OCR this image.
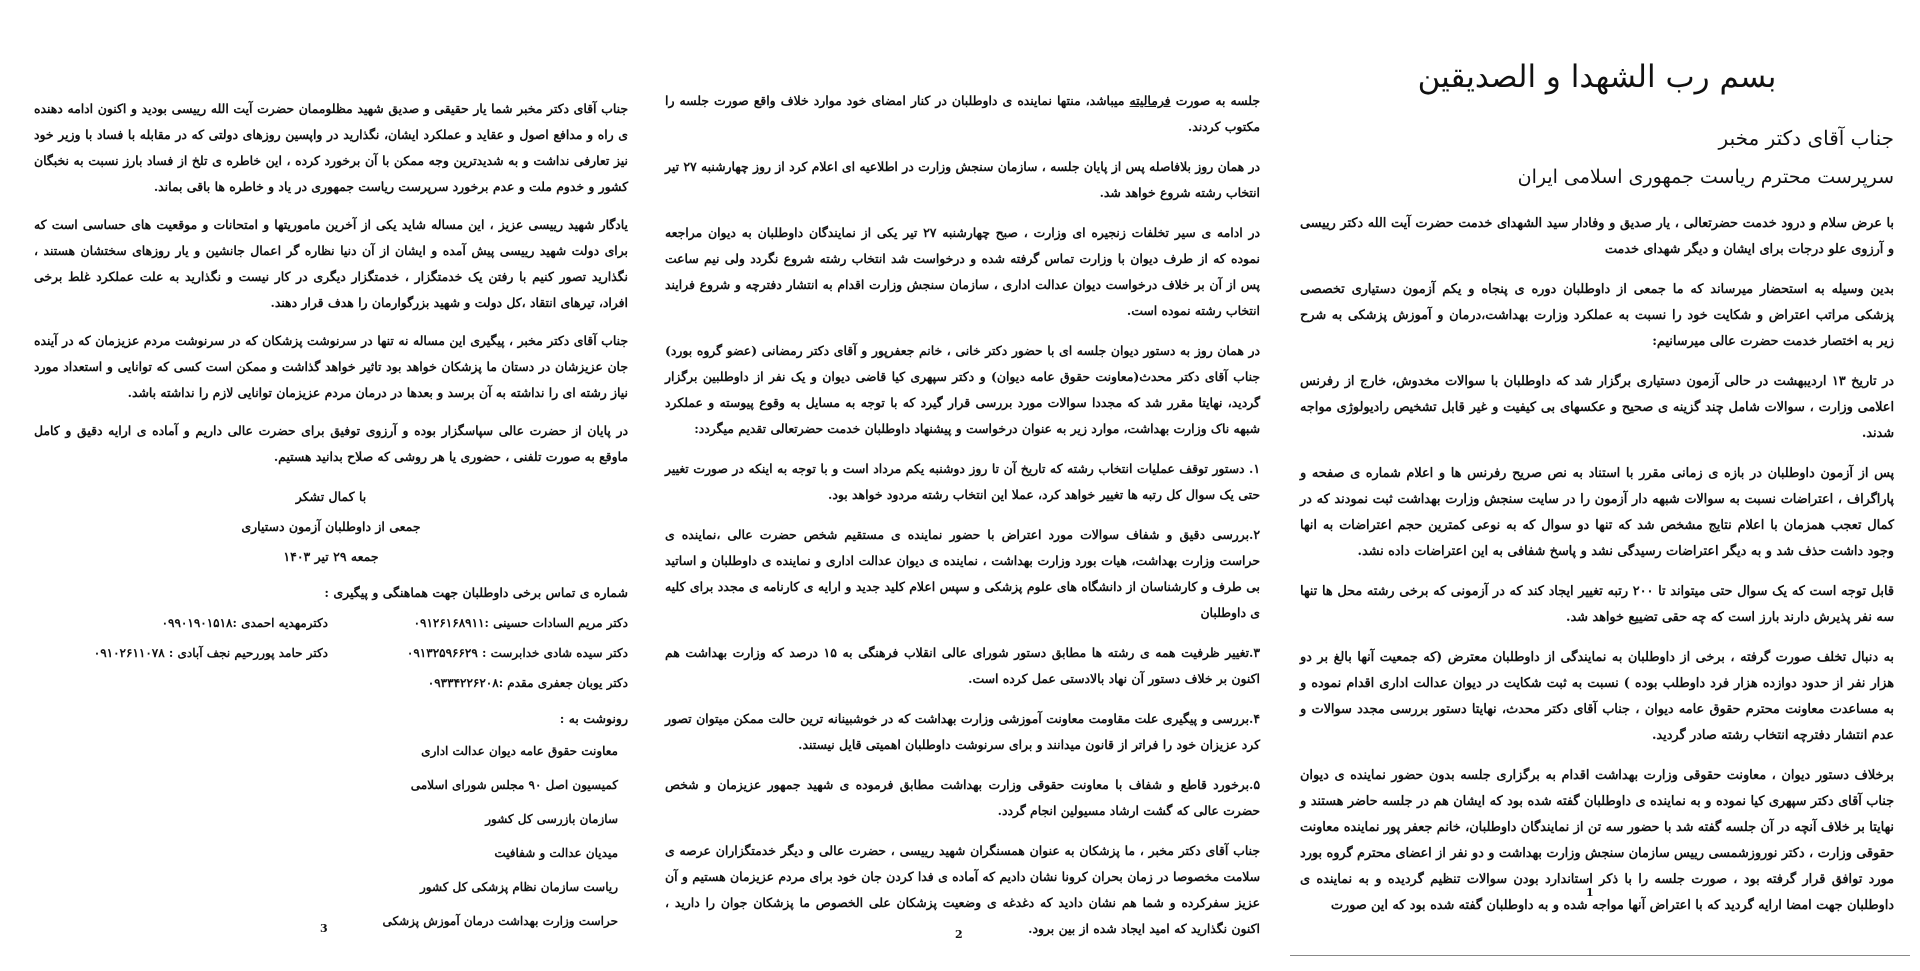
بسم رب الشهدا و الصدیقین

جناب آقای دکتر مخبر

سرپرست محترم ریاست جمهوری اسلامی ایران

با عرض سلام و درود خدمت حضرتعالی ، یار صدیق و وفادار سید الشهدای خدمت حضرت آیت الله دکتر رییسی و آرزوی علو درجات برای ایشان و دیگر شهدای خدمت

بدین وسیله به استحضار میرساند که ما جمعی از داوطلبان دوره ی پنجاه و یکم آزمون دستیاری تخصصی پزشکی مراتب اعتراض و شکایت خود را نسبت به عملکرد وزارت بهداشت،درمان و آموزش پزشکی به شرح زیر به اختصار خدمت حضرت عالی میرسانیم:

در تاریخ ۱۳ اردیبهشت در حالی آزمون دستیاری برگزار شد که داوطلبان با سوالات مخدوش، خارج از رفرنس اعلامی وزارت ، سوالات شامل چند گزینه ی صحیح و عکسهای بی کیفیت و غیر قابل تشخیص رادیولوژی مواجه شدند.

پس از آزمون داوطلبان در بازه ی زمانی مقرر با استناد به نص صریح رفرنس ها و اعلام شماره ی صفحه و پاراگراف ، اعتراضات نسبت به سوالات شبهه دار آزمون را در سایت سنجش وزارت بهداشت ثبت نمودند که در کمال تعجب همزمان با اعلام نتایج مشخص شد که تنها دو سوال که به نوعی کمترین حجم اعتراضات به انها وجود داشت حذف شد و به دیگر اعتراضات رسیدگی نشد و پاسخ شفافی به این اعتراضات داده نشد.

قابل توجه است که یک سوال حتی میتواند تا ۲۰۰ رتبه تغییر ایجاد کند که در آزمونی که برخی رشته محل ها تنها سه نفر پذیرش دارند بارز است که چه حقی تضییع خواهد شد.

به دنبال تخلف صورت گرفته ، برخی از داوطلبان به نمایندگی از داوطلبان معترض (که جمعیت آنها بالغ بر دو هزار نفر از حدود دوازده هزار فرد داوطلب بوده ) نسبت به ثبت شکایت در دیوان عدالت اداری اقدام نموده و به مساعدت معاونت محترم حقوق عامه دیوان ، جناب آقای دکتر محدث، نهایتا دستور بررسی مجدد سوالات و عدم انتشار دفترچه انتخاب رشته صادر گردید.

برخلاف دستور دیوان ، معاونت حقوقی وزارت بهداشت اقدام به برگزاری جلسه بدون حضور نماینده ی دیوان جناب آقای دکتر سپهری کیا نموده و به نماینده ی داوطلبان گفته شده بود که ایشان هم در جلسه حاضر هستند و نهایتا بر خلاف آنچه در آن جلسه گفته شد با حضور سه تن از نمایندگان داوطلبان، خانم جعفر پور نماینده معاونت حقوقی وزارت ، دکتر نوروزشمسی رییس سازمان سنجش وزارت بهداشت و دو نفر از اعضای محترم گروه بورد مورد توافق قرار گرفته بود ، صورت جلسه را با ذکر استاندارد بودن سوالات تنظیم گردیده و به نماینده ی داوطلبان جهت امضا ارایه گردید که با اعتراض آنها مواجه شده و به داوطلبان گفته شده بود که این صورت

1

جلسه به صورت فرمالیته میباشد، منتها نماینده ی داوطلبان در کنار امضای خود موارد خلاف واقع صورت جلسه را مکتوب کردند.

در همان روز بلافاصله پس از پایان جلسه ، سازمان سنجش وزارت در اطلاعیه ای اعلام کرد از روز چهارشنبه ۲۷ تیر انتخاب رشته شروع خواهد شد.

در ادامه ی سیر تخلفات زنجیره ای وزارت ، صبح چهارشنبه ۲۷ تیر یکی از نمایندگان داوطلبان به دیوان مراجعه نموده که از طرف دیوان با وزارت تماس گرفته شده و درخواست شد انتخاب رشته شروع نگردد ولی نیم ساعت پس از آن بر خلاف درخواست دیوان عدالت اداری ، سازمان سنجش وزارت اقدام به انتشار دفترچه و شروع فرایند انتخاب رشته نموده است.

در همان روز به دستور دیوان جلسه ای با حضور دکتر خانی ، خانم جعفرپور و آقای دکتر رمضانی (عضو گروه بورد) جناب آقای دکتر محدث(معاونت حقوق عامه دیوان) و دکتر سپهری کیا قاضی دیوان و یک نفر از داوطلبین برگزار گردید، نهایتا مقرر شد که مجددا سوالات مورد بررسی قرار گیرد که با توجه به مسایل به وقوع پیوسته و عملکرد شبهه ناک وزارت بهداشت، موارد زیر به عنوان درخواست و پیشنهاد داوطلبان خدمت حضرتعالی تقدیم میگردد:

۱. دستور توقف عملیات انتخاب رشته که تاریخ آن تا روز دوشنبه یکم مرداد است و با توجه به اینکه در صورت تغییر حتی یک سوال کل رتبه ها تغییر خواهد کرد، عملا این انتخاب رشته مردود خواهد بود.

۲.بررسی دقیق و شفاف سوالات مورد اعتراض با حضور نماینده ی مستقیم شخص حضرت عالی ،نماینده ی حراست وزارت بهداشت، هیات بورد وزارت بهداشت ، نماینده ی دیوان عدالت اداری و نماینده ی داوطلبان و اساتید بی طرف و کارشناسان از دانشگاه های علوم پزشکی و سپس اعلام کلید جدید و ارایه ی کارنامه ی مجدد برای کلیه ی داوطلبان

۳.تغییر ظرفیت همه ی رشته ها مطابق دستور شورای عالی انقلاب فرهنگی به ۱۵ درصد که وزارت بهداشت هم اکنون بر خلاف دستور آن نهاد بالادستی عمل کرده است.

۴.بررسی و پیگیری علت مقاومت معاونت آموزشی وزارت بهداشت که در خوشبینانه ترین حالت ممکن میتوان تصور کرد عزیزان خود را فراتر از قانون میدانند و برای سرنوشت داوطلبان اهمیتی قایل نیستند.

۵.برخورد قاطع و شفاف با معاونت حقوقی وزارت بهداشت مطابق فرموده ی شهید جمهور عزیزمان و شخص حضرت عالی که گشت ارشاد مسیولین انجام گردد.

جناب آقای دکتر مخبر ، ما پزشکان به عنوان همسنگران شهید رییسی ، حضرت عالی و دیگر خدمتگزاران عرصه ی سلامت مخصوصا در زمان بحران کرونا نشان دادیم که آماده ی فدا کردن جان خود برای مردم عزیزمان هستیم و آن عزیز سفرکرده و شما هم نشان دادید که دغدغه ی وضعیت پزشکان علی الخصوص ما پزشکان جوان را دارید ، اکنون نگذارید که امید ایجاد شده از بین برود.

2

جناب آقای دکتر مخبر شما یار حقیقی و صدیق شهید مظلوممان حضرت آیت الله رییسی بودید و اکنون ادامه دهنده ی راه و مدافع اصول و عقاید و عملکرد ایشان، نگذارید در واپسین روزهای دولتی که در مقابله با فساد با وزیر خود نیز تعارفی نداشت و به شدیدترین وجه ممکن با آن برخورد کرده ، این خاطره ی تلخ از فساد بارز نسبت به نخبگان کشور و خدوم ملت و عدم برخورد سرپرست ریاست جمهوری در یاد و خاطره ها باقی بماند.

یادگار شهید رییسی عزیز ، این مساله شاید یکی از آخرین ماموریتها و امتحانات و موقعیت های حساسی است که برای دولت شهید رییسی پیش آمده و ایشان از آن دنیا نظاره گر اعمال جانشین و یار روزهای سختشان هستند ، نگذارید تصور کنیم با رفتن یک خدمتگزار ، خدمتگزار دیگری در کار نیست و نگذارید به علت عملکرد غلط برخی افراد، تیرهای انتقاد ،کل دولت و شهید بزرگوارمان را هدف قرار دهند.

جناب آقای دکتر مخبر ، پیگیری این مساله نه تنها در سرنوشت پزشکان که در سرنوشت مردم عزیزمان که در آینده جان عزیزشان در دستان ما پزشکان خواهد بود تاثیر خواهد گذاشت و ممکن است کسی که توانایی و استعداد مورد نیاز رشته ای را نداشته به آن برسد و بعدها در درمان مردم عزیزمان توانایی لازم را نداشته باشد.

در پایان از حضرت عالی سپاسگزار بوده و آرزوی توفیق برای حضرت عالی داریم و آماده ی ارایه دقیق و کامل ماوقع به صورت تلفنی ، حضوری یا هر روشی که صلاح بدانید هستیم.

با کمال تشکر

جمعی از داوطلبان آزمون دستیاری

جمعه ۲۹ تیر ۱۴۰۳

شماره ی تماس برخی داوطلبان جهت هماهنگی و پیگیری :

دکتر مریم السادات حسینی :۰۹۱۲۶۱۶۸۹۱۱
دکترمهدیه احمدی :۰۹۹۰۱۹۰۱۵۱۸
دکتر سیده شادی خدابرست : ۰۹۱۳۲۵۹۶۶۲۹
دکتر حامد پوررحیم نجف آبادی : ۰۹۱۰۲۶۱۱۰۷۸
دکتر یوبان جعفری مقدم :۰۹۳۳۴۲۲۶۲۰۸

رونوشت به :

معاونت حقوق عامه دیوان عدالت اداری

کمیسیون اصل ۹۰ مجلس شورای اسلامی

سازمان بازرسی کل کشور

میدیان عدالت و شفافیت

ریاست سازمان نظام پزشکی کل کشور

حراست وزارت بهداشت درمان آموزش پزشکی

3
